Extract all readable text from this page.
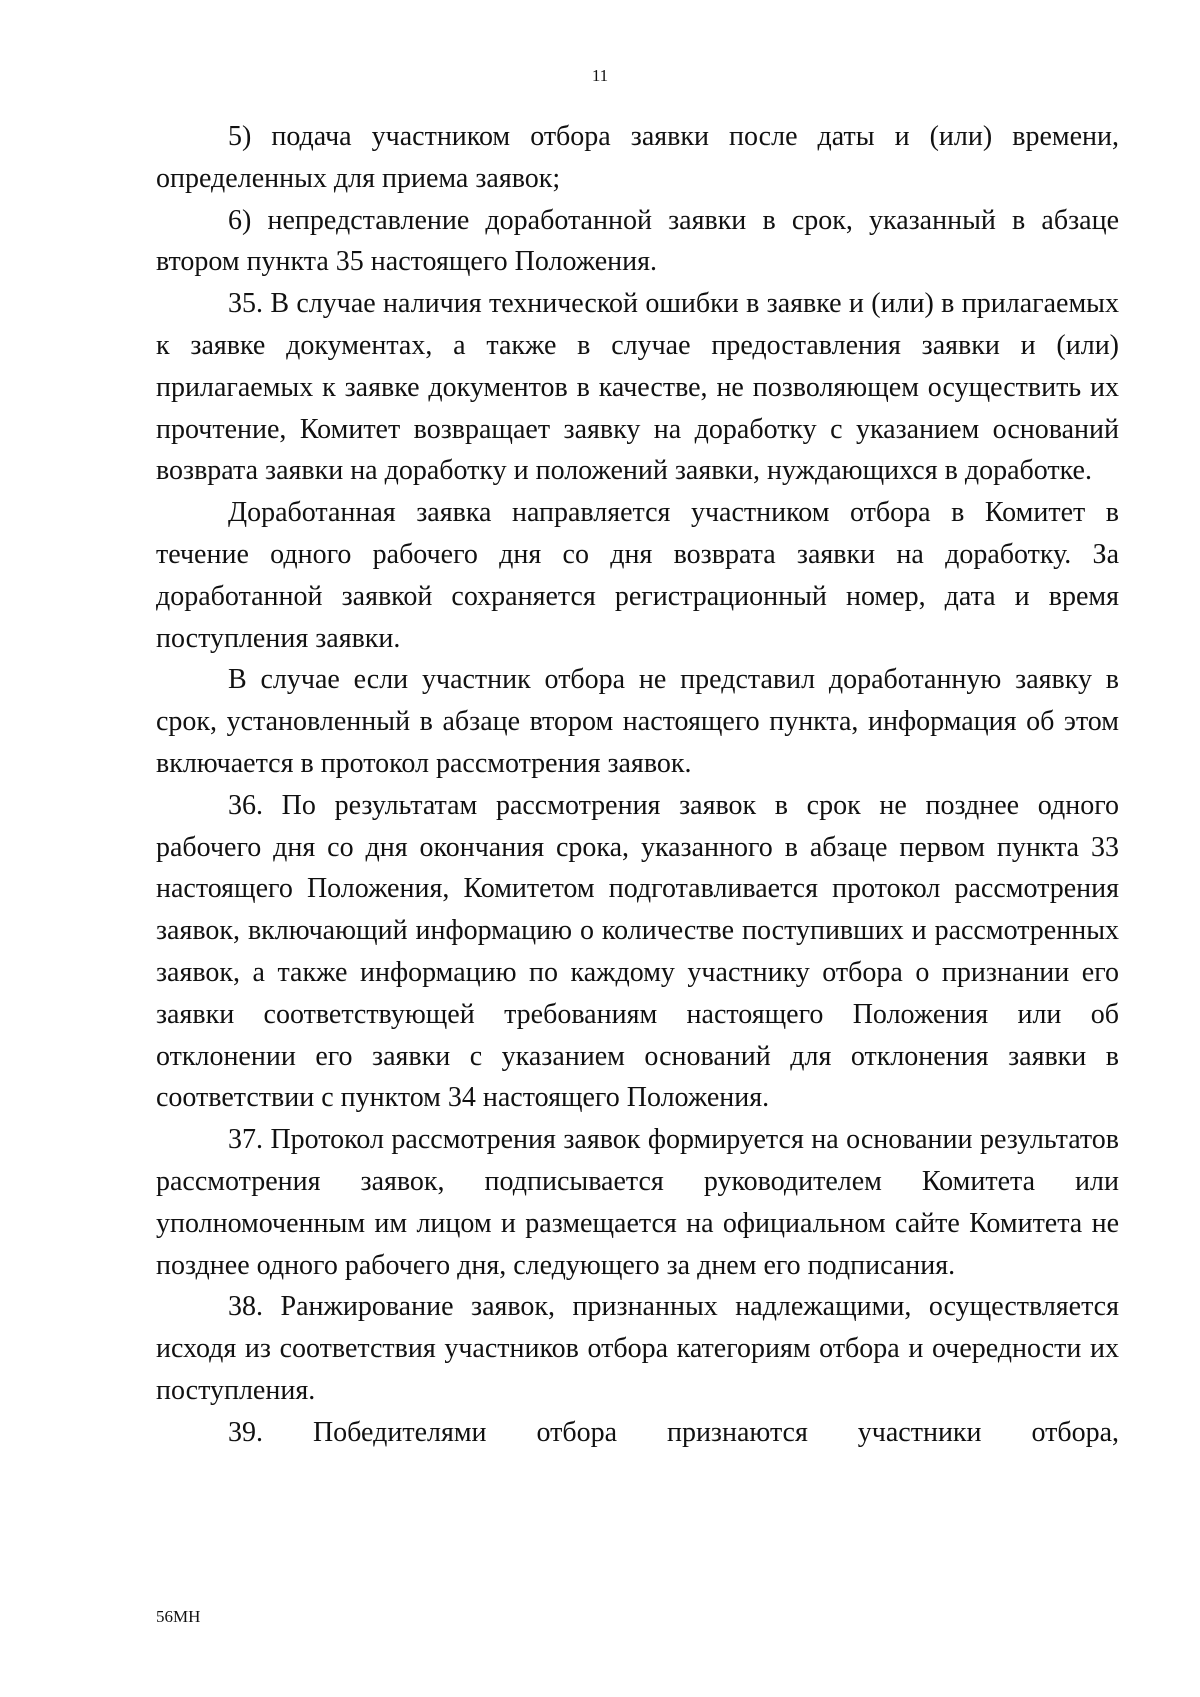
11

5) подача участником отбора заявки после даты и (или) времени, определенных для приема заявок;

6) непредставление доработанной заявки в срок, указанный в абзаце втором пункта 35 настоящего Положения.

35. В случае наличия технической ошибки в заявке и (или) в прилагаемых к заявке документах, а также в случае предоставления заявки и (или) прилагаемых к заявке документов в качестве, не позволяющем осуществить их прочтение, Комитет возвращает заявку на доработку с указанием оснований возврата заявки на доработку и положений заявки, нуждающихся в доработке.

Доработанная заявка направляется участником отбора в Комитет в течение одного рабочего дня со дня возврата заявки на доработку. За доработанной заявкой сохраняется регистрационный номер, дата и время поступления заявки.

В случае если участник отбора не представил доработанную заявку в срок, установленный в абзаце втором настоящего пункта, информация об этом включается в протокол рассмотрения заявок.

36. По результатам рассмотрения заявок в срок не позднее одного рабочего дня со дня окончания срока, указанного в абзаце первом пункта 33 настоящего Положения, Комитетом подготавливается протокол рассмотрения заявок, включающий информацию о количестве поступивших и рассмотренных заявок, а также информацию по каждому участнику отбора о признании его заявки соответствующей требованиям настоящего Положения или об отклонении его заявки с указанием оснований для отклонения заявки в соответствии с пунктом 34 настоящего Положения.

37. Протокол рассмотрения заявок формируется на основании результатов рассмотрения заявок, подписывается руководителем Комитета или уполномоченным им лицом и размещается на официальном сайте Комитета не позднее одного рабочего дня, следующего за днем его подписания.

38. Ранжирование заявок, признанных надлежащими, осуществляется исходя из соответствия участников отбора категориям отбора и очередности их поступления.

39. Победителями отбора признаются участники отбора,

56МН
